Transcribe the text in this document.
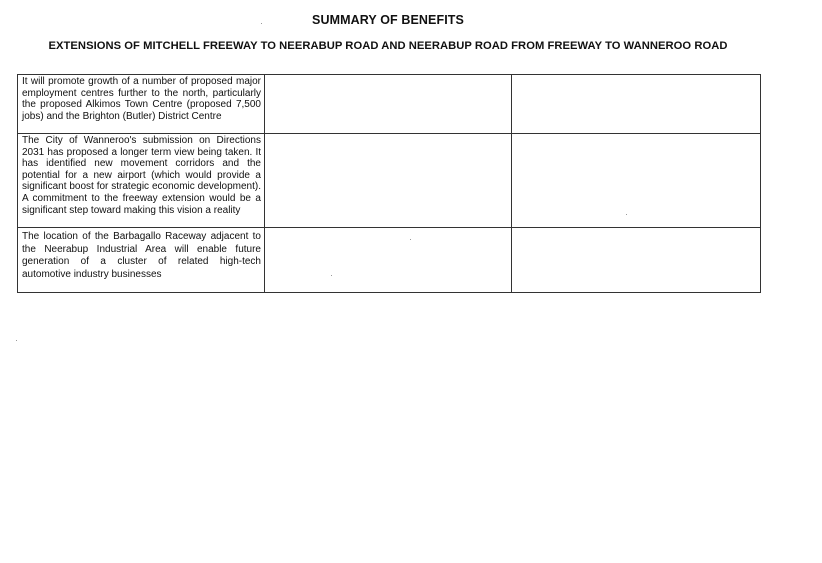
SUMMARY OF BENEFITS
EXTENSIONS OF MITCHELL FREEWAY TO NEERABUP ROAD AND NEERABUP ROAD FROM FREEWAY TO WANNEROO ROAD
It will promote growth of a number of proposed major employment centres further to the north, particularly the proposed Alkimos Town Centre (proposed 7,500 jobs) and the Brighton (Butler) District Centre		
The City of Wanneroo's submission on Directions 2031 has proposed a longer term view being taken. It has identified new movement corridors and the potential for a new airport (which would provide a significant boost for strategic economic development). A commitment to the freeway extension would be a significant step toward making this vision a reality		
The location of the Barbagallo Raceway adjacent to the Neerabup Industrial Area will enable future generation of a cluster of related high-tech automotive industry businesses		
